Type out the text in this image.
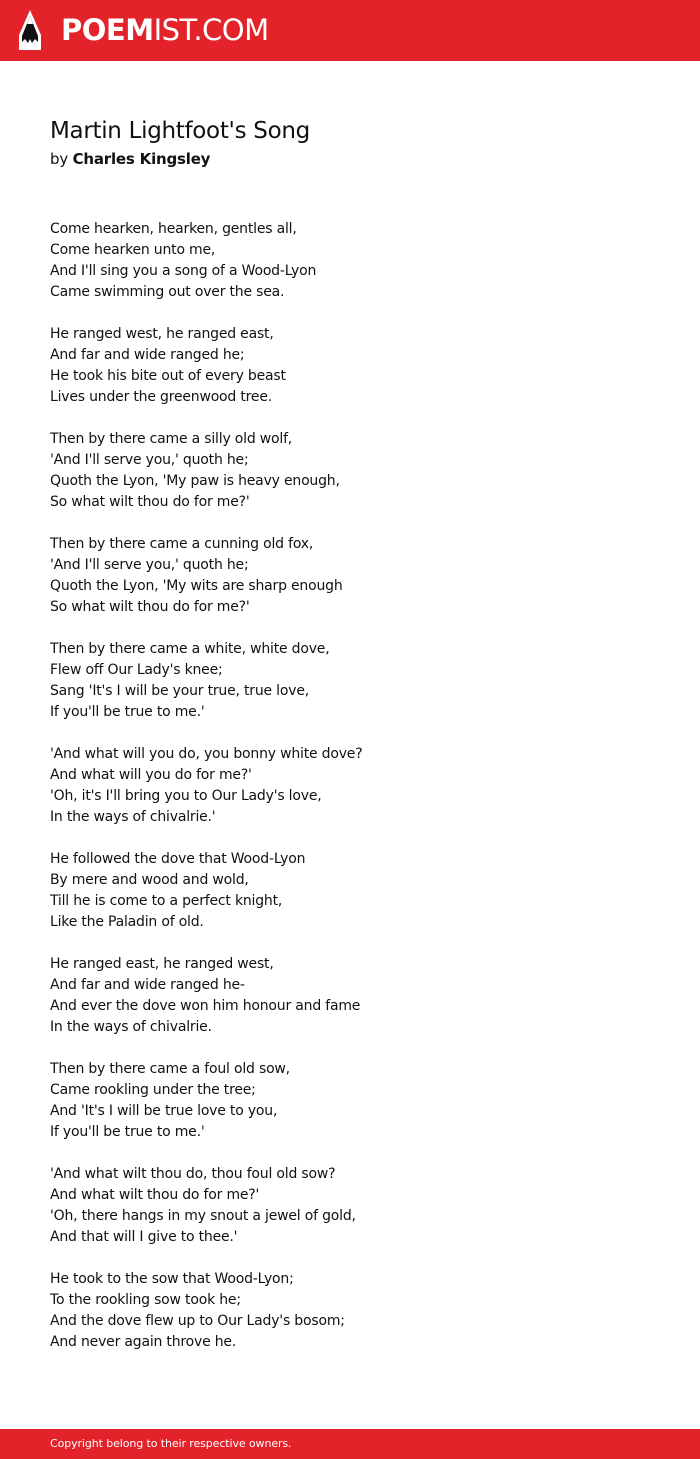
POEMIST.COM
Martin Lightfoot's Song
by Charles Kingsley
Come hearken, hearken, gentles all,
Come hearken unto me,
And I'll sing you a song of a Wood-Lyon
Came swimming out over the sea.
He ranged west, he ranged east,
And far and wide ranged he;
He took his bite out of every beast
Lives under the greenwood tree.
Then by there came a silly old wolf,
'And I'll serve you,' quoth he;
Quoth the Lyon, 'My paw is heavy enough,
So what wilt thou do for me?'
Then by there came a cunning old fox,
'And I'll serve you,' quoth he;
Quoth the Lyon, 'My wits are sharp enough
So what wilt thou do for me?'
Then by there came a white, white dove,
Flew off Our Lady's knee;
Sang 'It's I will be your true, true love,
If you'll be true to me.'
'And what will you do, you bonny white dove?
And what will you do for me?'
'Oh, it's I'll bring you to Our Lady's love,
In the ways of chivalrie.'
He followed the dove that Wood-Lyon
By mere and wood and wold,
Till he is come to a perfect knight,
Like the Paladin of old.
He ranged east, he ranged west,
And far and wide ranged he-
And ever the dove won him honour and fame
In the ways of chivalrie.
Then by there came a foul old sow,
Came rookling under the tree;
And 'It's I will be true love to you,
If you'll be true to me.'
'And what wilt thou do, thou foul old sow?
And what wilt thou do for me?'
'Oh, there hangs in my snout a jewel of gold,
And that will I give to thee.'
He took to the sow that Wood-Lyon;
To the rookling sow took he;
And the dove flew up to Our Lady's bosom;
And never again throve he.
Copyright belong to their respective owners.
